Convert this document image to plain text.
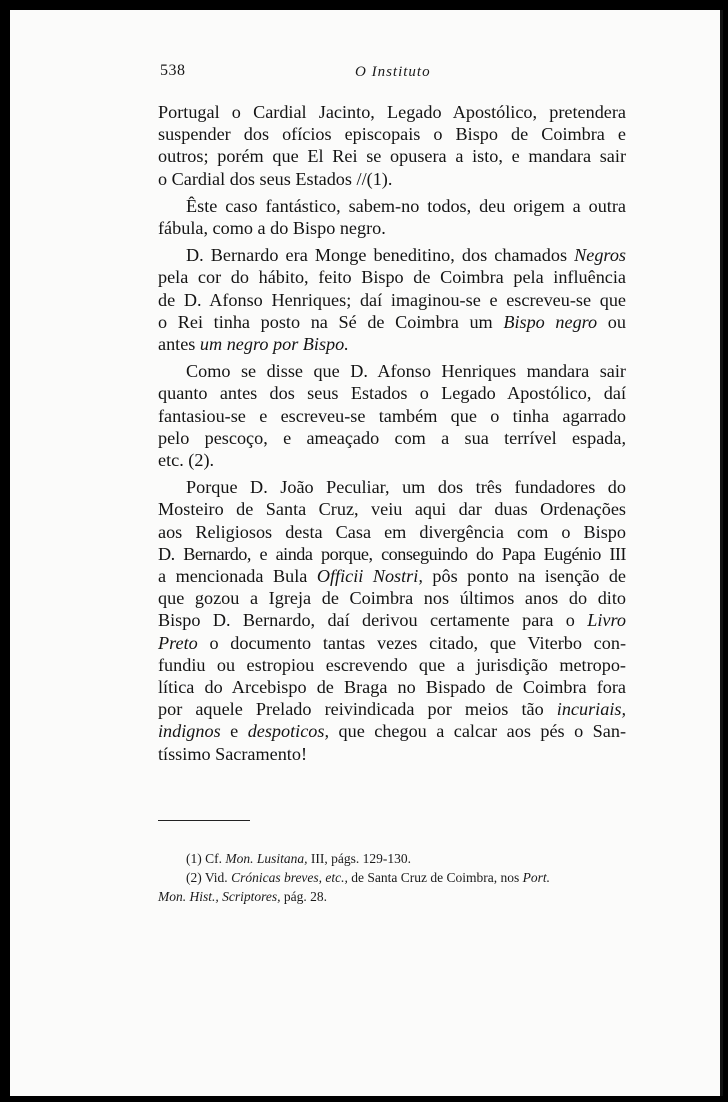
538	O Instituto

Portugal o Cardial Jacinto, Legado Apostólico, pretendera
suspender dos ofícios episcopais o Bispo de Coimbra e
outros; porém que El Rei se opusera a isto, e mandara sair
o Cardial dos seus Estados //(1).

Êste caso fantástico, sabem-no todos, deu origem a outra
fábula, como a do Bispo negro.

D. Bernardo era Monge beneditino, dos chamados Negros
pela cor do hábito, feito Bispo de Coimbra pela influência
de D. Afonso Henriques; daí imaginou-se e escreveu-se que
o Rei tinha posto na Sé de Coimbra um Bispo negro ou
antes um negro por Bispo.

Como se disse que D. Afonso Henriques mandara sair
quanto antes dos seus Estados o Legado Apostólico, daí
fantasiou-se e escreveu-se também que o tinha agarrado
pelo pescoço, e ameaçado com a sua terrível espada,
etc. (2).

Porque D. João Peculiar, um dos três fundadores do
Mosteiro de Santa Cruz, veiu aqui dar duas Ordenações
aos Religiosos desta Casa em divergência com o Bispo
D. Bernardo, e ainda porque, conseguindo do Papa Eugénio III
a mencionada Bula Officii Nostri, pôs ponto na isenção de
que gozou a Igreja de Coimbra nos últimos anos do dito
Bispo D. Bernardo, daí derivou certamente para o Livro
Preto o documento tantas vezes citado, que Viterbo con-
fundiu ou estropiou escrevendo que a jurisdição metropo-
lítica do Arcebispo de Braga no Bispado de Coimbra fora
por aquele Prelado reivindicada por meios tão incuriais,
indignos e despoticos, que chegou a calcar aos pés o San-
tíssimo Sacramento!

(1) Cf. Mon. Lusitana, III, págs. 129-130.
(2) Vid. Crónicas breves, etc., de Santa Cruz de Coimbra, nos Port.
Mon. Hist., Scriptores, pág. 28.
